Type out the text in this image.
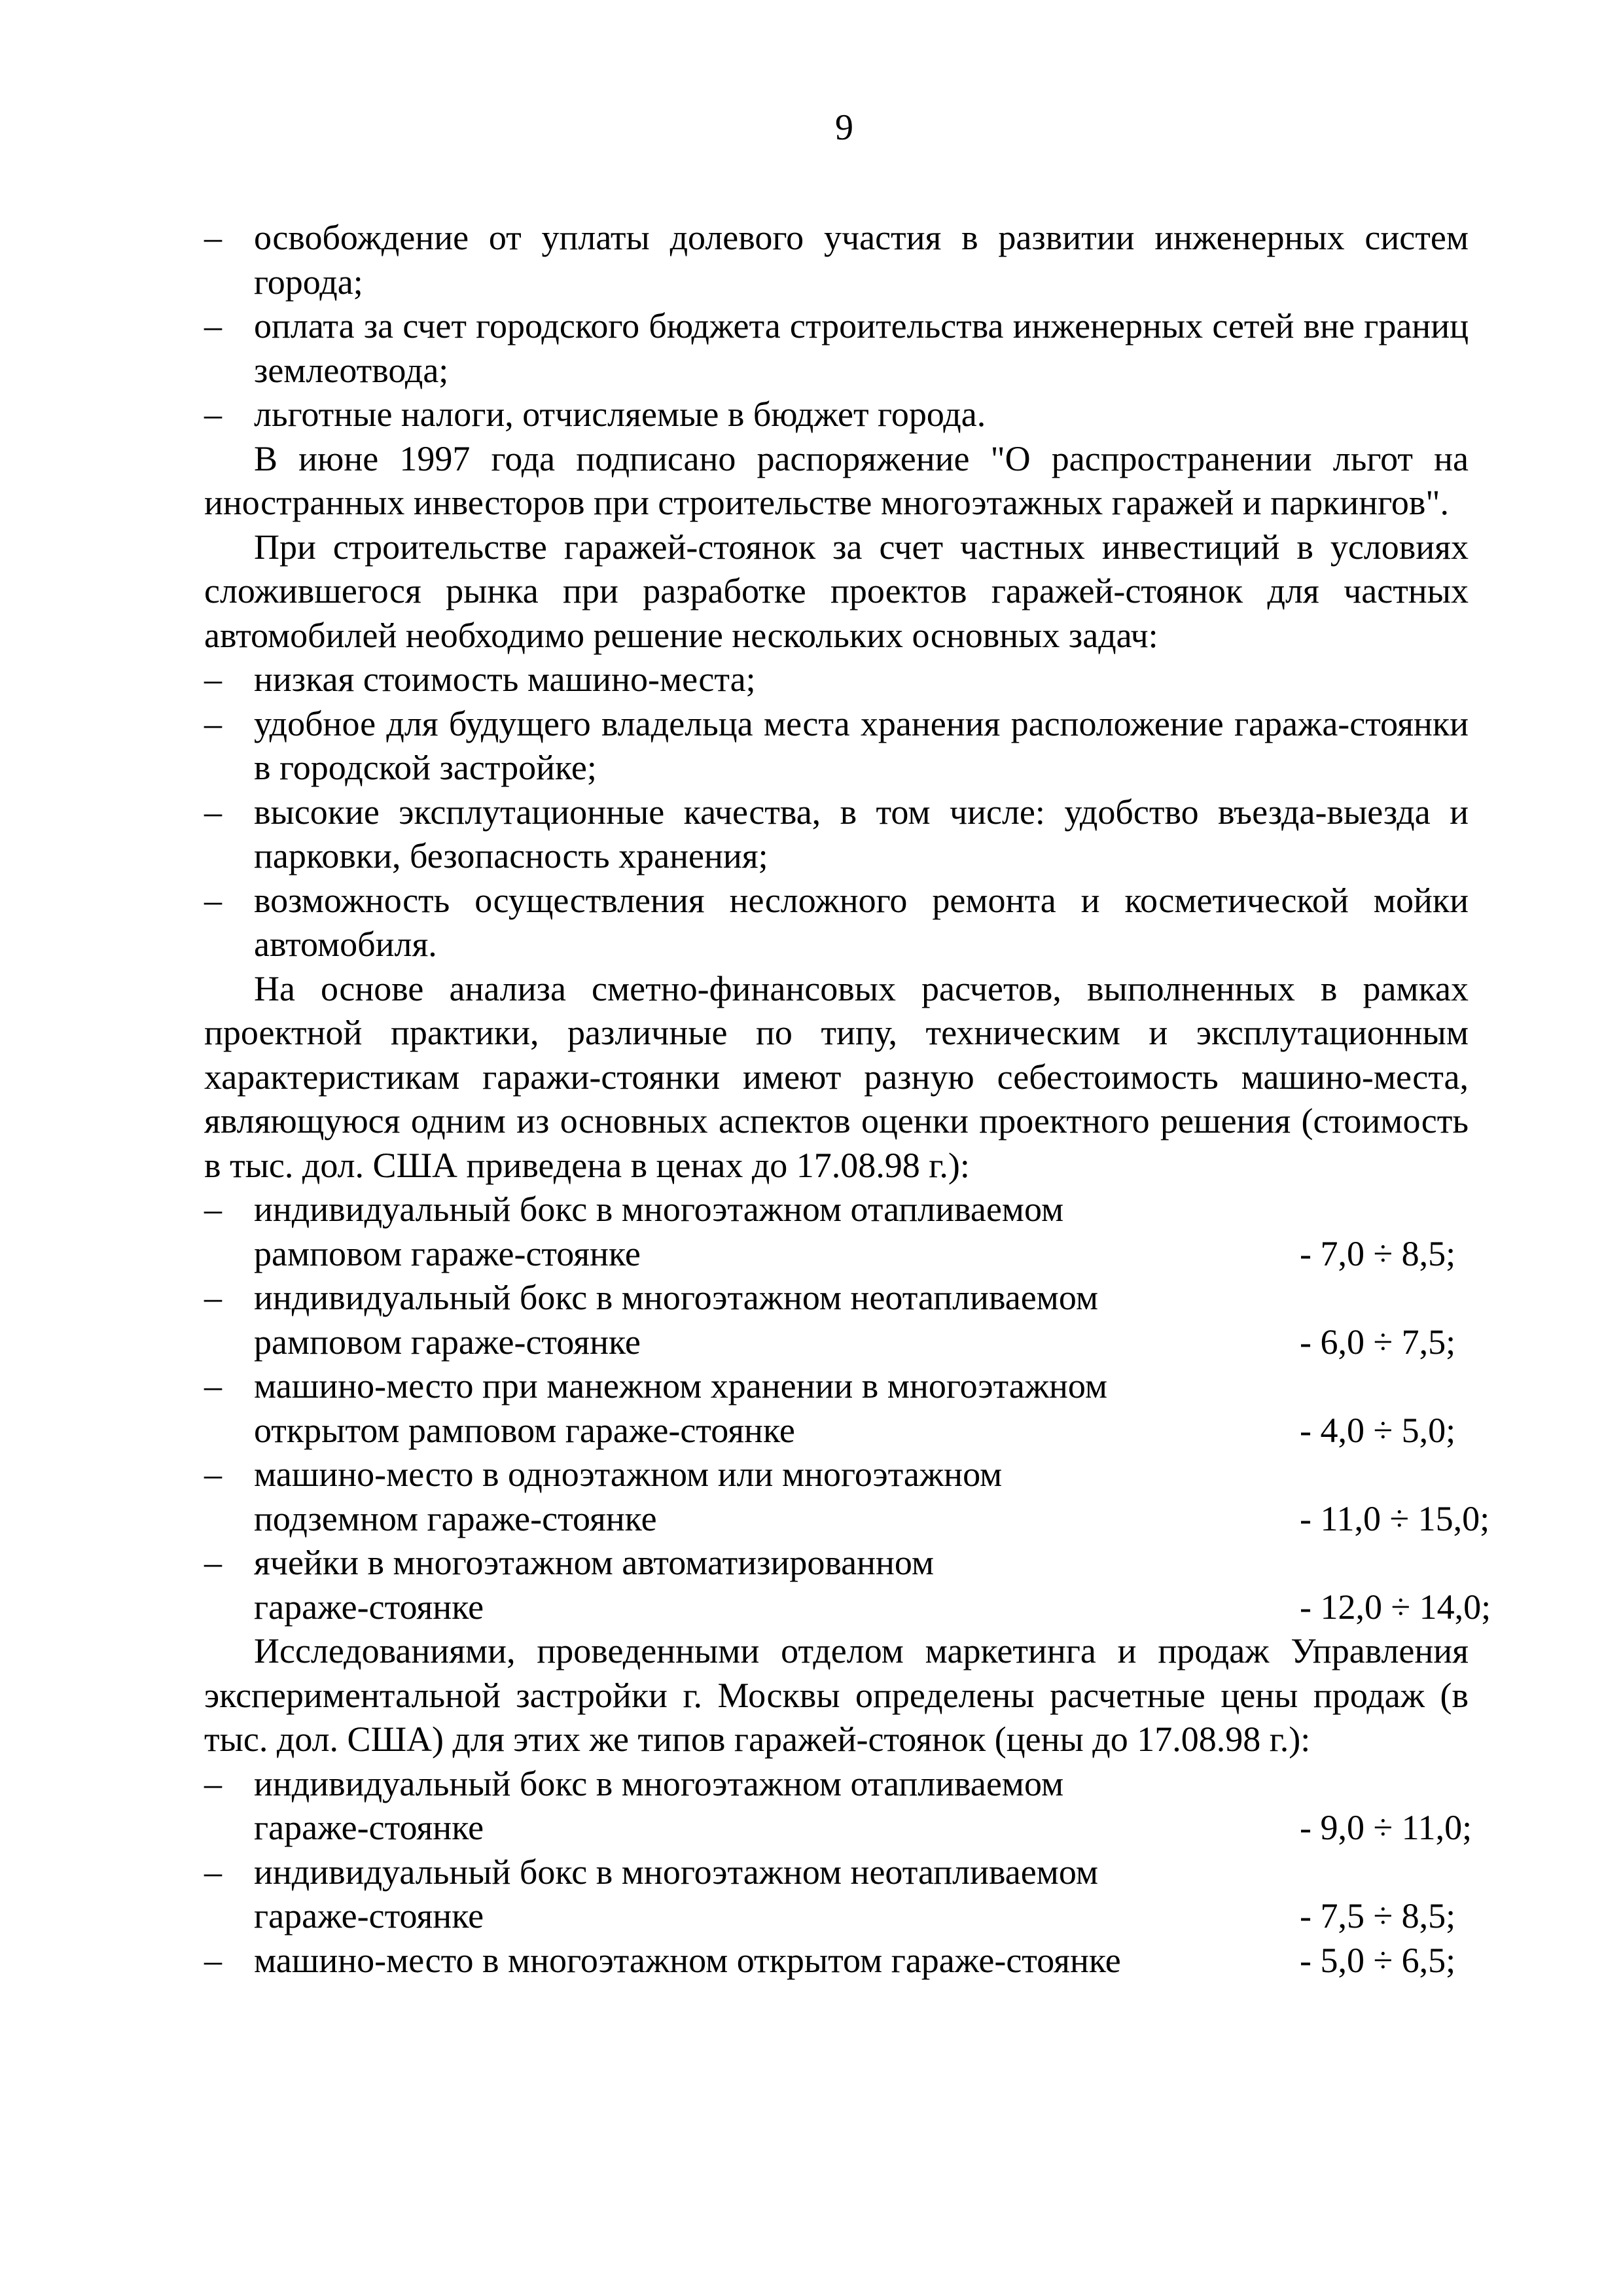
9
– освобождение от уплаты долевого участия в развитии инженерных систем города;
– оплата за счет городского бюджета строительства инженерных сетей вне границ землеотвода;
– льготные налоги, отчисляемые в бюджет города.
В июне 1997 года подписано распоряжение "О распространении льгот на иностранных инвесторов при строительстве многоэтажных гаражей и паркингов".
При строительстве гаражей-стоянок за счет частных инвестиций в условиях сложившегося рынка при разработке проектов гаражей-стоянок для частных автомобилей необходимо решение нескольких основных задач:
– низкая стоимость машино-места;
– удобное для будущего владельца места хранения расположение гаража-стоянки в городской застройке;
– высокие эксплутационные качества, в том числе: удобство въезда-выезда и парковки, безопасность хранения;
– возможность осуществления несложного ремонта и косметической мойки автомобиля.
На основе анализа сметно-финансовых расчетов, выполненных в рамках проектной практики, различные по типу, техническим и эксплутационным характеристикам гаражи-стоянки имеют разную себестоимость машино-места, являющуюся одним из основных аспектов оценки проектного решения (стоимость в тыс. дол. США приведена в ценах до 17.08.98 г.):
– индивидуальный бокс в многоэтажном отапливаемом
рамповом гараже-стоянке	- 7,0 ÷ 8,5;
– индивидуальный бокс в многоэтажном неотапливаемом
рамповом гараже-стоянке	- 6,0 ÷ 7,5;
– машино-место при манежном хранении в многоэтажном
открытом рамповом гараже-стоянке	- 4,0 ÷ 5,0;
– машино-место в одноэтажном или многоэтажном
подземном гараже-стоянке	- 11,0 ÷ 15,0;
– ячейки в многоэтажном автоматизированном
гараже-стоянке	- 12,0 ÷ 14,0;
Исследованиями, проведенными отделом маркетинга и продаж Управления экспериментальной застройки г. Москвы определены расчетные цены продаж (в тыс. дол. США) для этих же типов гаражей-стоянок (цены до 17.08.98 г.):
– индивидуальный бокс в многоэтажном отапливаемом
гараже-стоянке	- 9,0 ÷ 11,0;
– индивидуальный бокс в многоэтажном неотапливаемом
гараже-стоянке	- 7,5 ÷ 8,5;
– машино-место в многоэтажном открытом гараже-стоянке	- 5,0 ÷ 6,5;
